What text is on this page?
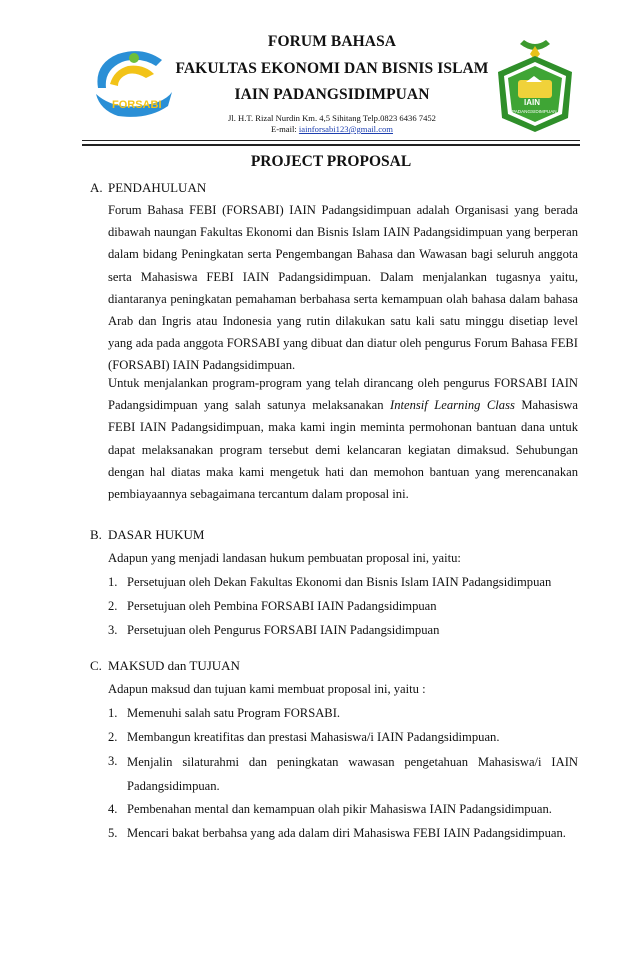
FORSABI
FORUM BAHASA
FAKULTAS EKONOMI DAN BISNIS ISLAM
IAIN PADANGSIDIMPUAN
Jl. H.T. Rizal Nurdin Km. 4,5 Sihitang Telp.0823 6436 7452
E-mail: iainforsabi123@gmail.com
IAIN
PADANGSIDIMPUAN
PROJECT PROPOSAL
A. PENDAHULUAN

Forum Bahasa FEBI (FORSABI) IAIN Padangsidimpuan adalah Organisasi yang berada dibawah naungan Fakultas Ekonomi dan Bisnis Islam IAIN Padangsidimpuan yang berperan dalam bidang Peningkatan serta Pengembangan Bahasa dan Wawasan bagi seluruh anggota serta Mahasiswa FEBI IAIN Padangsidimpuan. Dalam menjalankan tugasnya yaitu, diantaranya peningkatan pemahaman berbahasa serta kemampuan olah bahasa dalam bahasa Arab dan Ingris atau Indonesia yang rutin dilakukan satu kali satu minggu disetiap level yang ada pada anggota FORSABI yang dibuat dan diatur oleh pengurus Forum Bahasa FEBI (FORSABI) IAIN Padangsidimpuan.

Untuk menjalankan program-program yang telah dirancang oleh pengurus FORSABI IAIN Padangsidimpuan yang salah satunya melaksanakan Intensif Learning Class Mahasiswa FEBI IAIN Padangsidimpuan, maka kami ingin meminta permohonan bantuan dana untuk dapat melaksanakan program tersebut demi kelancaran kegiatan dimaksud. Sehubungan dengan hal diatas maka kami mengetuk hati dan memohon bantuan yang merencanakan pembiayaannya sebagaimana tercantum dalam proposal ini.

B. DASAR HUKUM
Adapun yang menjadi landasan hukum pembuatan proposal ini, yaitu:
1. Persetujuan oleh Dekan Fakultas Ekonomi dan Bisnis Islam IAIN Padangsidimpuan
2. Persetujuan oleh Pembina FORSABI IAIN Padangsidimpuan
3. Persetujuan oleh Pengurus FORSABI IAIN Padangsidimpuan
C. MAKSUD dan TUJUAN
Adapun maksud dan tujuan kami membuat proposal ini, yaitu :
1. Memenuhi salah satu Program FORSABI.
2. Membangun kreatifitas dan prestasi Mahasiswa/i IAIN Padangsidimpuan.
3. Menjalin silaturahmi dan peningkatan wawasan pengetahuan Mahasiswa/i IAIN Padangsidimpuan.

4. Pembenahan mental dan kemampuan olah pikir Mahasiswa IAIN Padangsidimpuan.
5. Mencari bakat berbahsa yang ada dalam diri Mahasiswa FEBI IAIN Padangsidimpuan.
